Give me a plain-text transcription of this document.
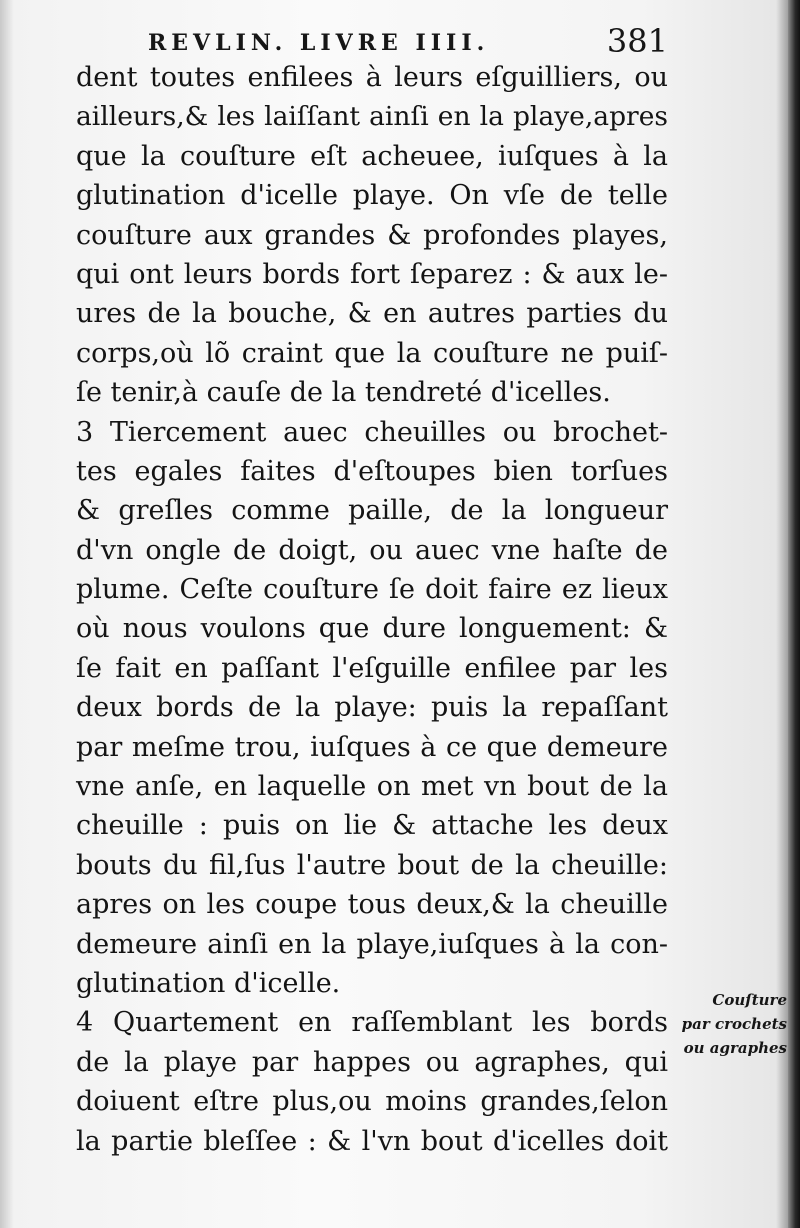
REVLIN. LIVRE IIII.	381
dent toutes enfilees à leurs eſguilliers, ou
ailleurs,& les laiſſant ainſi en la playe,apres
que la couſture eſt acheuee, iuſques à la
glutination d'icelle playe. On vſe de telle
couſture aux grandes & profondes playes,
qui ont leurs bords fort ſeparez : & aux le-
ures de la bouche, & en autres parties du
corps,où lõ craint que la couſture ne puiſ-
ſe tenir,à cauſe de la tendreté d'icelles.
3 Tiercement auec cheuilles ou brochet-
tes egales faites d'eſtoupes bien torſues
& greſles comme paille, de la longueur
d'vn ongle de doigt, ou auec vne haſte de
plume. Ceſte couſture ſe doit faire ez lieux
où nous voulons que dure longuement: &
ſe fait en paſſant l'eſguille enfilee par les
deux bords de la playe: puis la repaſſant
par meſme trou, iuſques à ce que demeure
vne anſe, en laquelle on met vn bout de la
cheuille : puis on lie & attache les deux
bouts du fil,ſus l'autre bout de la cheuille:
apres on les coupe tous deux,& la cheuille
demeure ainſi en la playe,iuſques à la con-
glutination d'icelle.
4 Quartement en raſſemblant les bords
de la playe par happes ou agraphes, qui
doiuent eſtre plus,ou moins grandes,ſelon
la partie bleſſee : & l'vn bout d'icelles doit
Couſture
par crochets
ou agraphes
